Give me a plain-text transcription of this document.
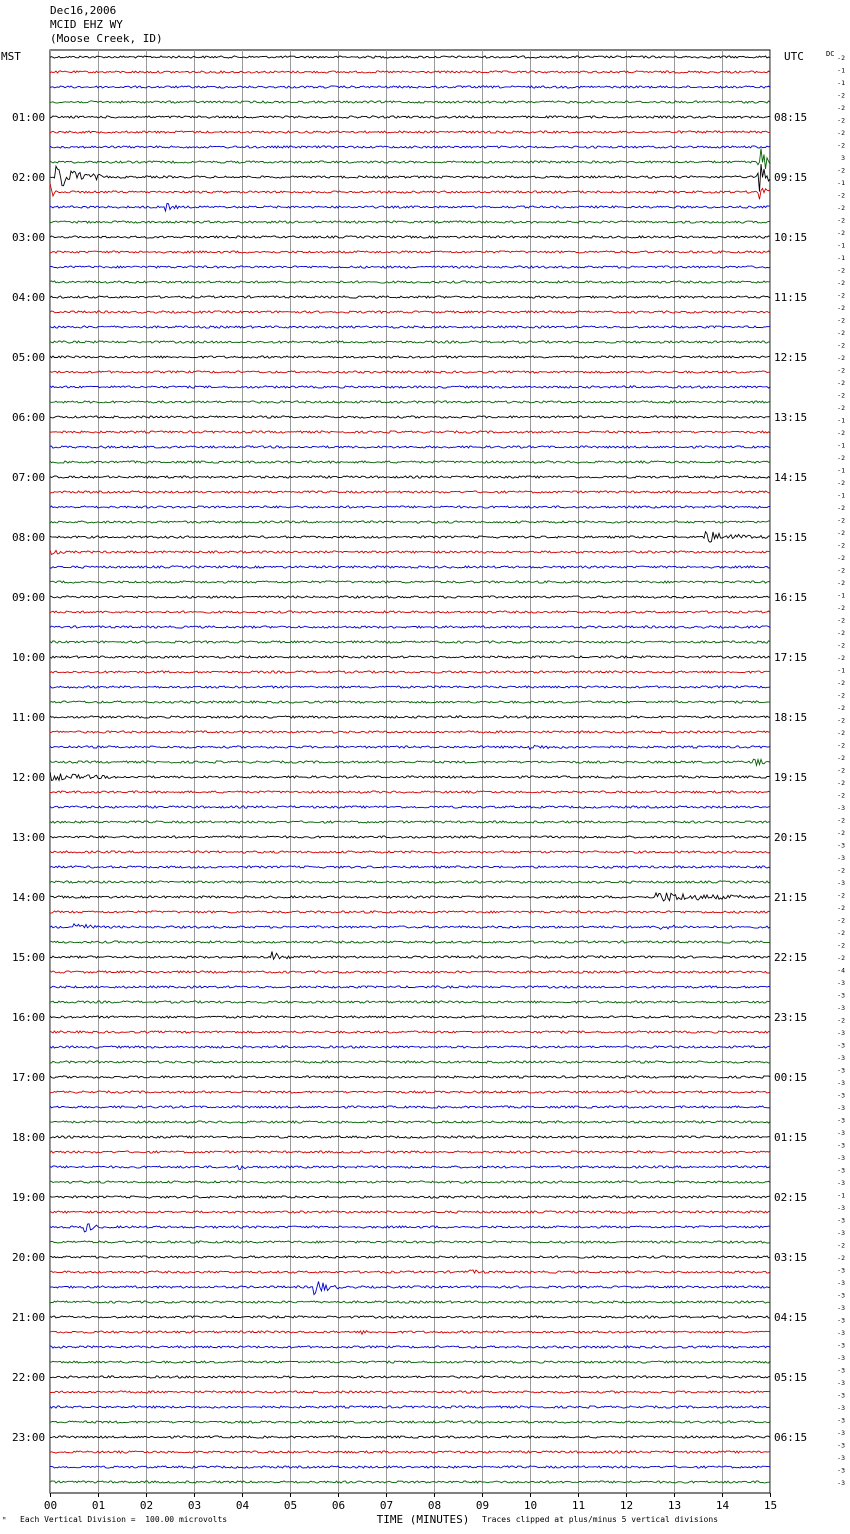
Dec16,2006
MCID EHZ WY
(Moose Creek, ID)
MST	UTC	DC
00	01	02	03	04	05	06	07	08	09	10	11	12	13	14	15
TIME (MINUTES)
01:00
02:00
03:00
04:00
05:00
06:00
07:00
08:00
09:00
10:00
11:00
12:00
13:00
14:00
15:00
16:00
17:00
18:00
19:00
20:00
21:00
22:00
23:00
08:15
09:15
10:15
11:15
12:15
13:15
14:15
15:15
16:15
17:15
18:15
19:15
20:15
21:15
22:15
23:15
00:15
01:15
02:15
03:15
04:15
05:15
06:15
-2
-1
-1
-2
-2
-2
-2
-2
3
-2
-1
-2
-2
-2
-2
-1
-1
-2
-2
-2
-2
-2
-2
-2
-2
-2
-2
-2
-2
-1
-2
-1
-2
-1
-2
-1
-2
-2
-2
-2
-2
-2
-2
-1
-2
-2
-2
-2
-2
-1
-2
-2
-2
-2
-2
-2
-2
-2
-2
-2
-3
-2
-2
-3
-3
-2
-3
-2
-2
-2
-2
-2
-2
-4
-3
-3
-3
-2
-3
-3
-3
-3
-3
-3
-3
-3
-3
-3
-3
-3
-3
-1
-3
-3
-3
-2
-2
-3
-3
-3
-3
-3
-3
-3
-3
-3
-3
-3
-3
-3
-3
-3
-3
-3
-3
ᴹ Each Vertical Division =  100.00 microvolts	Traces clipped at plus/minus 5 vertical divisions
